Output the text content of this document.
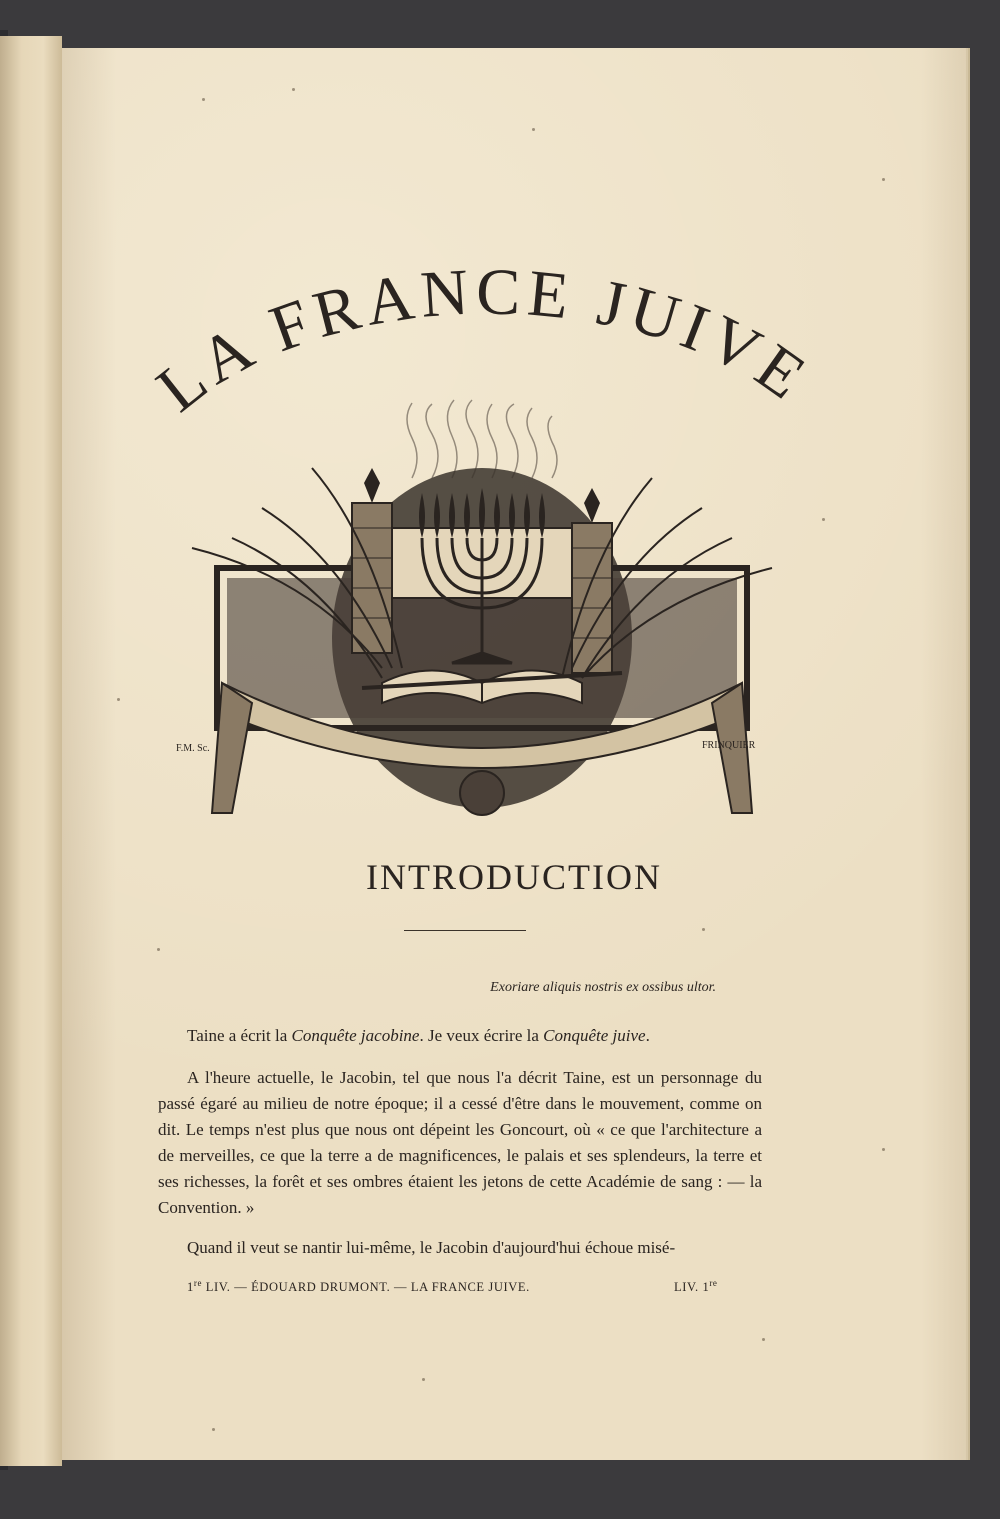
LA FRANCE JUIVE
F.M. Sc.	FRINQUIER
INTRODUCTION
Exoriare aliquis nostris ex ossibus ultor.

Taine a écrit la Conquête jacobine. Je veux écrire la Conquête juive.

A l'heure actuelle, le Jacobin, tel que nous l'a décrit Taine, est un personnage du passé égaré au milieu de notre époque; il a cessé d'être dans le mouvement, comme on dit. Le temps n'est plus que nous ont dépeint les Goncourt, où « ce que l'architecture a de merveilles, ce que la terre a de magnificences, le palais et ses splendeurs, la terre et ses richesses, la forêt et ses ombres étaient les jetons de cette Académie de sang : — la Convention. »

Quand il veut se nantir lui-même, le Jacobin d'aujourd'hui échoue misé-

1re LIV. — ÉDOUARD DRUMONT. — LA FRANCE JUIVE.	LIV. 1re
